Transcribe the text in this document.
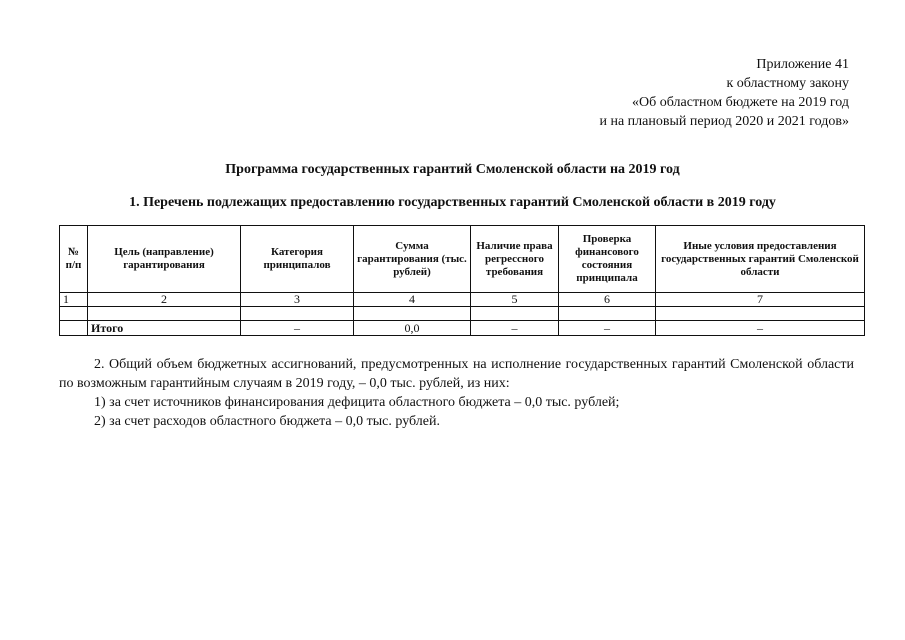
Приложение 41
к областному закону
«Об областном бюджете на 2019 год
и на плановый период 2020 и 2021 годов»
Программа государственных гарантий Смоленской области на 2019 год
1. Перечень подлежащих предоставлению государственных гарантий Смоленской области в 2019 году
№ п/п	Цель (направление) гарантирования	Категория принципалов	Сумма гарантирования (тыс. рублей)	Наличие права регрессного требования	Проверка финансового состояния принципала	Иные условия предоставления государственных гарантий Смоленской области
1	2	3	4	5	6	7

	Итого	–	0,0	–	–	–

2. Общий объем бюджетных ассигнований, предусмотренных на исполнение государственных гарантий Смоленской области по возможным гарантийным случаям в 2019 году, – 0,0 тыс. рублей, из них:

1) за счет источников финансирования дефицита областного бюджета – 0,0 тыс. рублей;

2) за счет расходов областного бюджета – 0,0 тыс. рублей.
